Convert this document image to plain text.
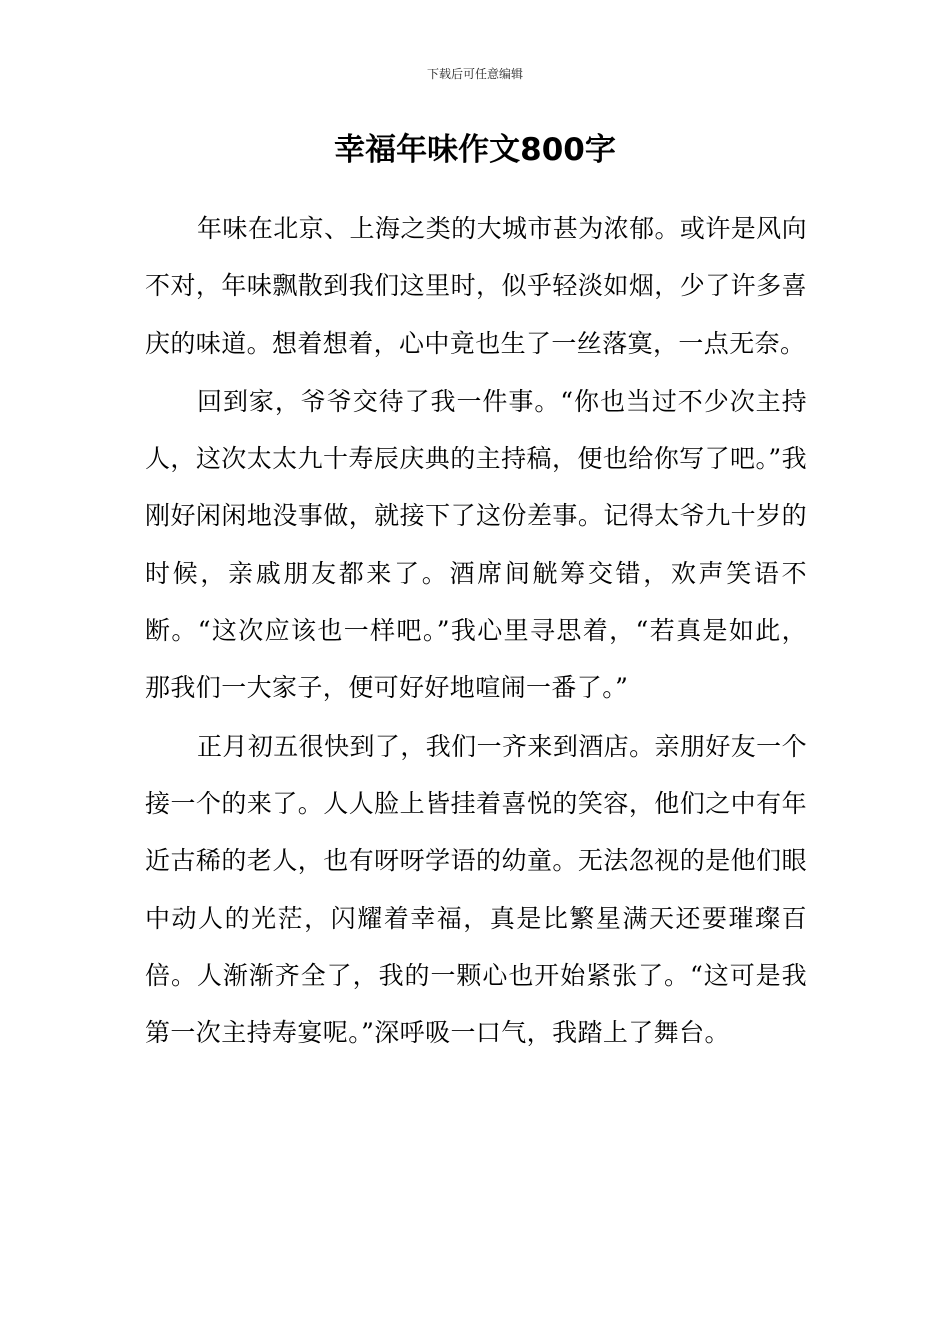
下载后可任意编辑
幸福年味作文800字

年味在北京、上海之类的大城市甚为浓郁。或许是风向不对，年味飘散到我们这里时，似乎轻淡如烟，少了许多喜庆的味道。想着想着，心中竟也生了一丝落寞，一点无奈。

回到家，爷爷交待了我一件事。“你也当过不少次主持人，这次太太九十寿辰庆典的主持稿，便也给你写了吧。”我刚好闲闲地没事做，就接下了这份差事。记得太爷九十岁的时候，亲戚朋友都来了。酒席间觥筹交错，欢声笑语不断。“这次应该也一样吧。”我心里寻思着，“若真是如此，那我们一大家子，便可好好地喧闹一番了。”

正月初五很快到了，我们一齐来到酒店。亲朋好友一个接一个的来了。人人脸上皆挂着喜悦的笑容，他们之中有年近古稀的老人，也有呀呀学语的幼童。无法忽视的是他们眼中动人的光茫，闪耀着幸福，真是比繁星满天还要璀璨百倍。人渐渐齐全了，我的一颗心也开始紧张了。“这可是我第一次主持寿宴呢。”深呼吸一口气，我踏上了舞台。
